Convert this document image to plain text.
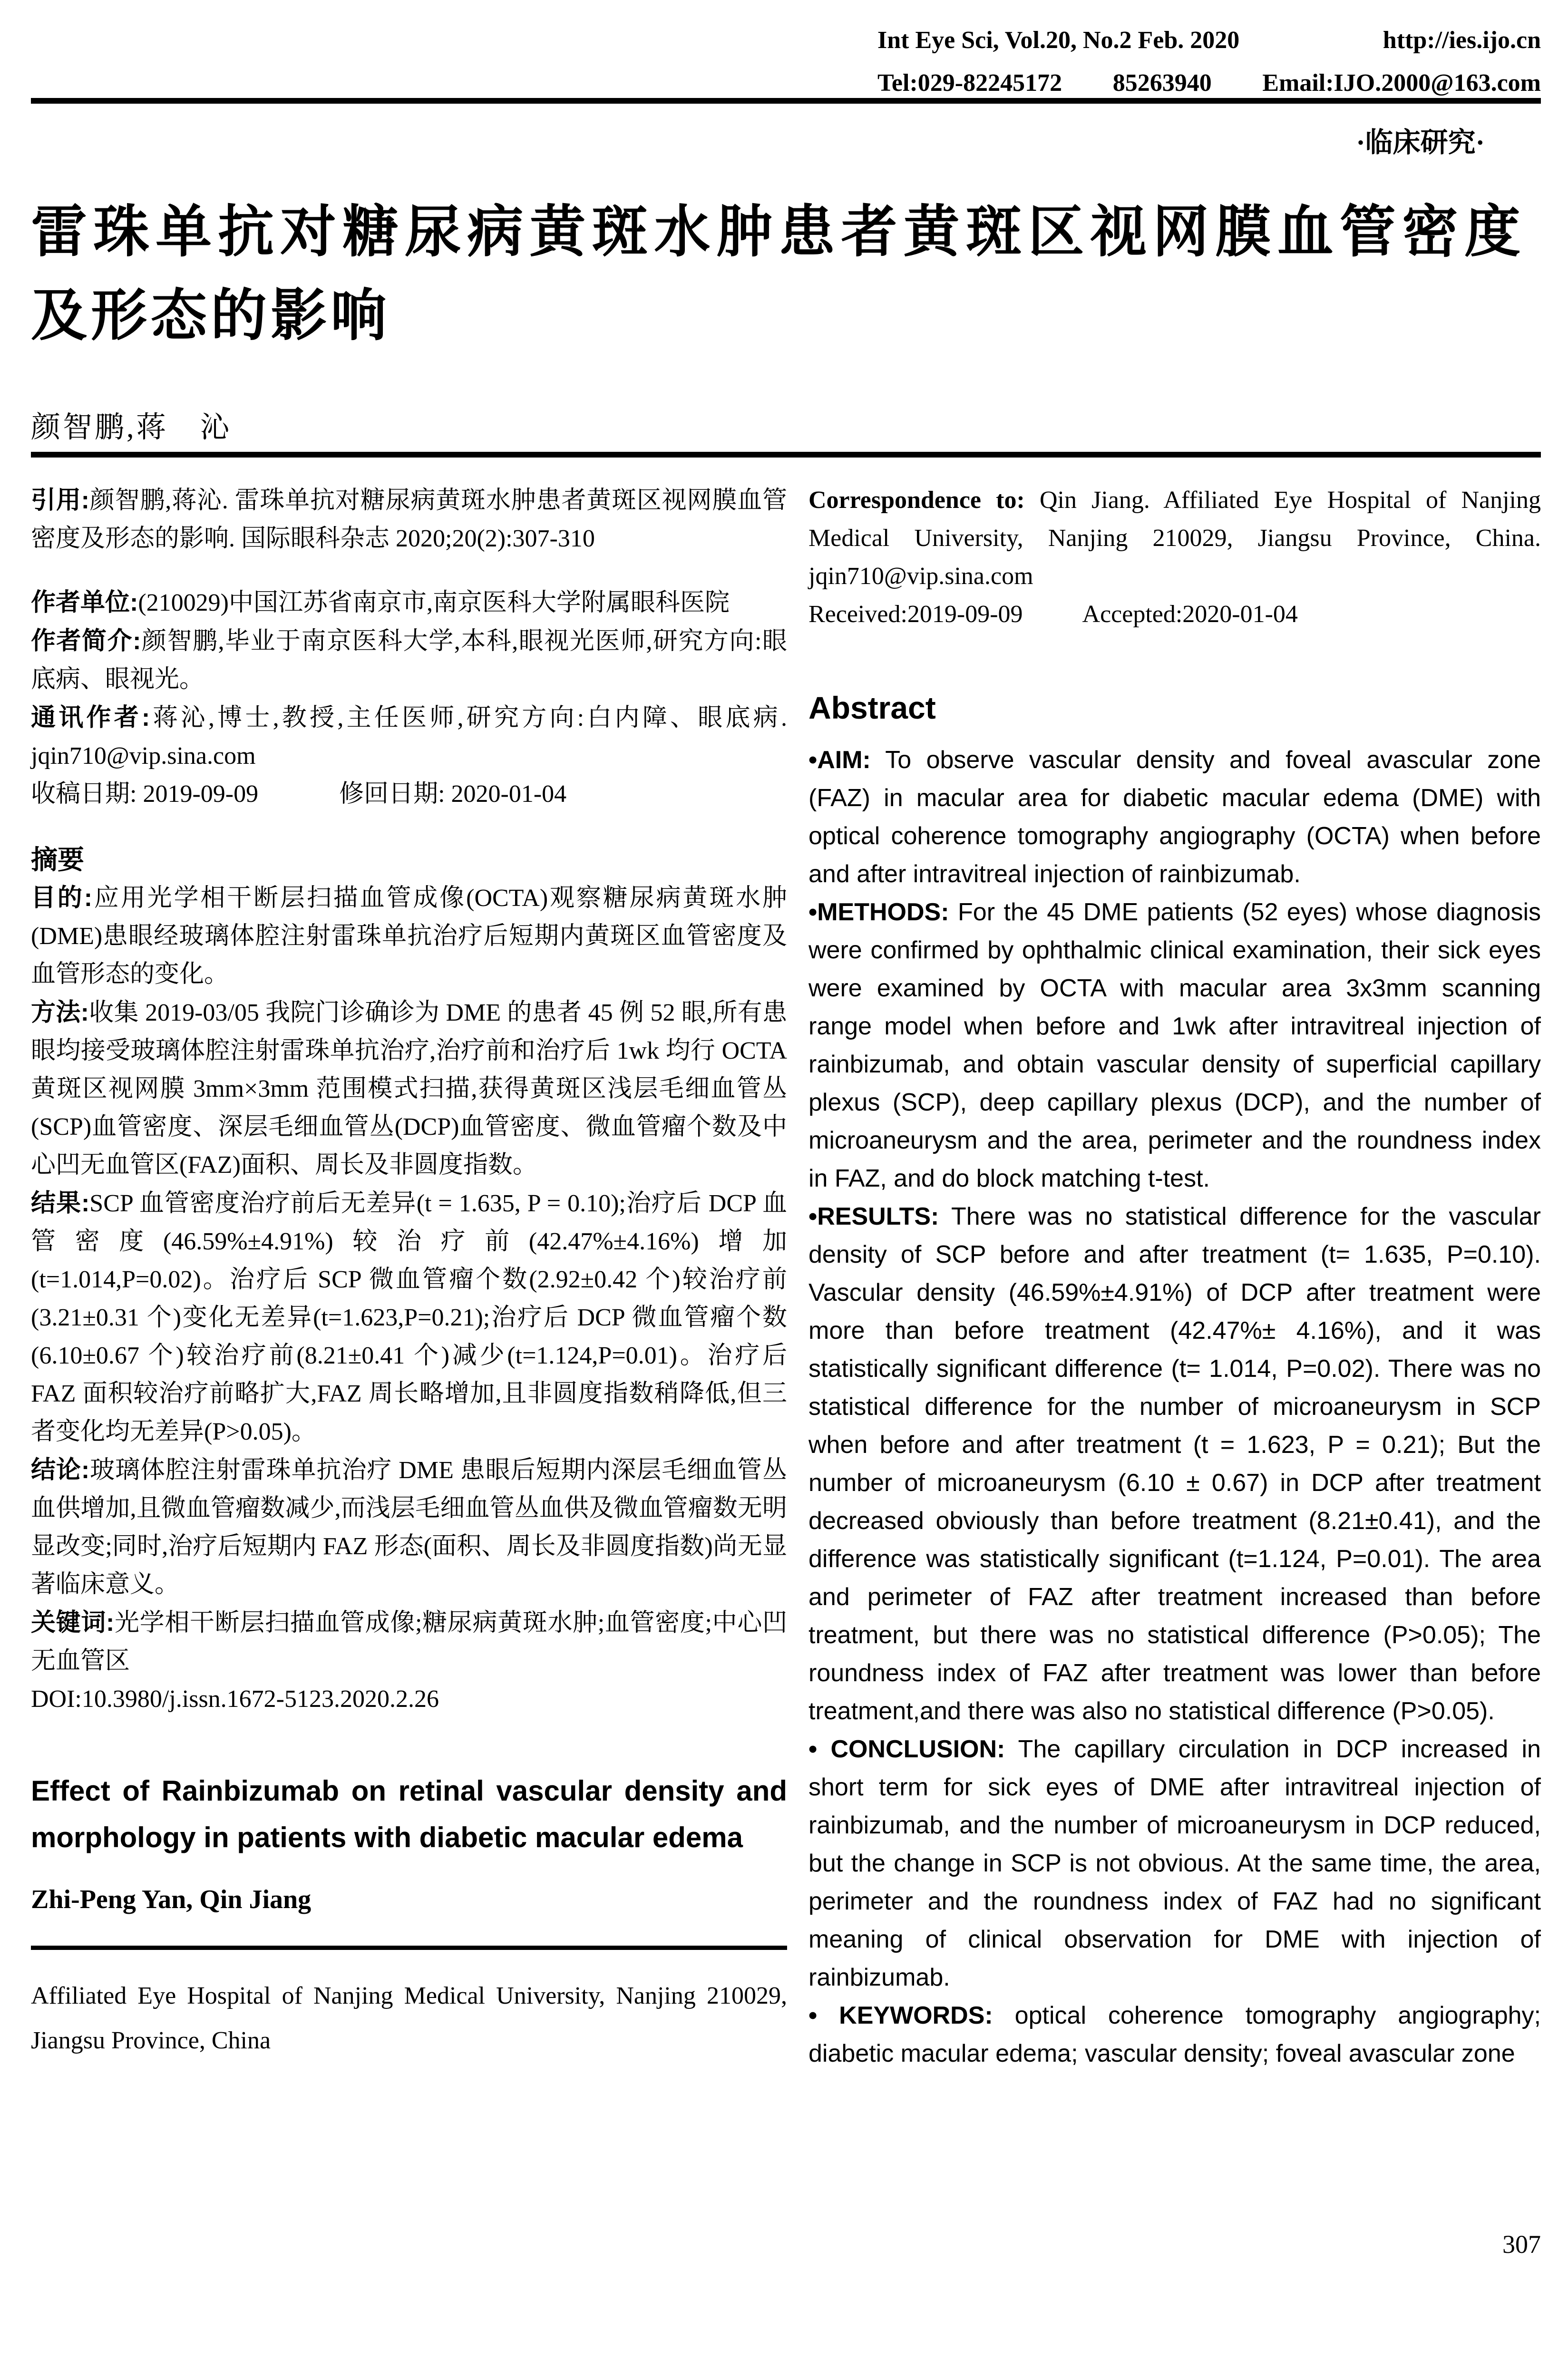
Int Eye Sci, Vol.20, No.2 Feb. 2020	http://ies.ijo.cn
Tel:029-82245172 85263940 Email:IJO.2000@163.com
·临床研究·
雷珠单抗对糖尿病黄斑水肿患者黄斑区视网膜血管密度及形态的影响
颜智鹏,蒋　沁

引用:颜智鹏,蒋沁. 雷珠单抗对糖尿病黄斑水肿患者黄斑区视网膜血管密度及形态的影响. 国际眼科杂志 2020;20(2):307-310

作者单位:(210029)中国江苏省南京市,南京医科大学附属眼科医院

作者简介:颜智鹏,毕业于南京医科大学,本科,眼视光医师,研究方向:眼底病、眼视光。

通讯作者:蒋沁,博士,教授,主任医师,研究方向:白内障、眼底病. jqin710@vip.sina.com

收稿日期: 2019-09-09	修回日期: 2020-01-04

摘要

目的:应用光学相干断层扫描血管成像(OCTA)观察糖尿病黄斑水肿(DME)患眼经玻璃体腔注射雷珠单抗治疗后短期内黄斑区血管密度及血管形态的变化。

方法:收集 2019-03/05 我院门诊确诊为 DME 的患者 45 例 52 眼,所有患眼均接受玻璃体腔注射雷珠单抗治疗,治疗前和治疗后 1wk 均行 OCTA 黄斑区视网膜 3mm×3mm 范围模式扫描,获得黄斑区浅层毛细血管丛(SCP)血管密度、深层毛细血管丛(DCP)血管密度、微血管瘤个数及中心凹无血管区(FAZ)面积、周长及非圆度指数。

结果:SCP 血管密度治疗前后无差异(t = 1.635, P = 0.10);治疗后 DCP 血管密度(46.59%±4.91%)较治疗前(42.47%±4.16%)增加(t=1.014,P=0.02)。治疗后 SCP 微血管瘤个数(2.92±0.42 个)较治疗前(3.21±0.31 个)变化无差异(t=1.623,P=0.21);治疗后 DCP 微血管瘤个数(6.10±0.67 个)较治疗前(8.21±0.41 个)减少(t=1.124,P=0.01)。治疗后 FAZ 面积较治疗前略扩大,FAZ 周长略增加,且非圆度指数稍降低,但三者变化均无差异(P>0.05)。

结论:玻璃体腔注射雷珠单抗治疗 DME 患眼后短期内深层毛细血管丛血供增加,且微血管瘤数减少,而浅层毛细血管丛血供及微血管瘤数无明显改变;同时,治疗后短期内 FAZ 形态(面积、周长及非圆度指数)尚无显著临床意义。

关键词:光学相干断层扫描血管成像;糖尿病黄斑水肿;血管密度;中心凹无血管区

DOI:10.3980/j.issn.1672-5123.2020.2.26

Effect of Rainbizumab on retinal vascular density and morphology in patients with diabetic macular edema

Zhi-Peng Yan, Qin Jiang

Affiliated Eye Hospital of Nanjing Medical University, Nanjing 210029, Jiangsu Province, China

Correspondence to: Qin Jiang. Affiliated Eye Hospital of Nanjing Medical University, Nanjing 210029, Jiangsu Province, China. jqin710@vip.sina.com

Received:2019-09-09 Accepted:2020-01-04

Abstract

•AIM: To observe vascular density and foveal avascular zone (FAZ) in macular area for diabetic macular edema (DME) with optical coherence tomography angiography (OCTA) when before and after intravitreal injection of rainbizumab.

•METHODS: For the 45 DME patients (52 eyes) whose diagnosis were confirmed by ophthalmic clinical examination, their sick eyes were examined by OCTA with macular area 3x3mm scanning range model when before and 1wk after intravitreal injection of rainbizumab, and obtain vascular density of superficial capillary plexus (SCP), deep capillary plexus (DCP), and the number of microaneurysm and the area, perimeter and the roundness index in FAZ, and do block matching t-test.

•RESULTS: There was no statistical difference for the vascular density of SCP before and after treatment (t= 1.635, P=0.10). Vascular density (46.59%±4.91%) of DCP after treatment were more than before treatment (42.47%± 4.16%), and it was statistically significant difference (t= 1.014, P=0.02). There was no statistical difference for the number of microaneurysm in SCP when before and after treatment (t = 1.623, P = 0.21); But the number of microaneurysm (6.10 ± 0.67) in DCP after treatment decreased obviously than before treatment (8.21±0.41), and the difference was statistically significant (t=1.124, P=0.01). The area and perimeter of FAZ after treatment increased than before treatment, but there was no statistical difference (P>0.05); The roundness index of FAZ after treatment was lower than before treatment,and there was also no statistical difference (P>0.05).

• CONCLUSION: The capillary circulation in DCP increased in short term for sick eyes of DME after intravitreal injection of rainbizumab, and the number of microaneurysm in DCP reduced, but the change in SCP is not obvious. At the same time, the area, perimeter and the roundness index of FAZ had no significant meaning of clinical observation for DME with injection of rainbizumab.

• KEYWORDS: optical coherence tomography angiography; diabetic macular edema; vascular density; foveal avascular zone

307
